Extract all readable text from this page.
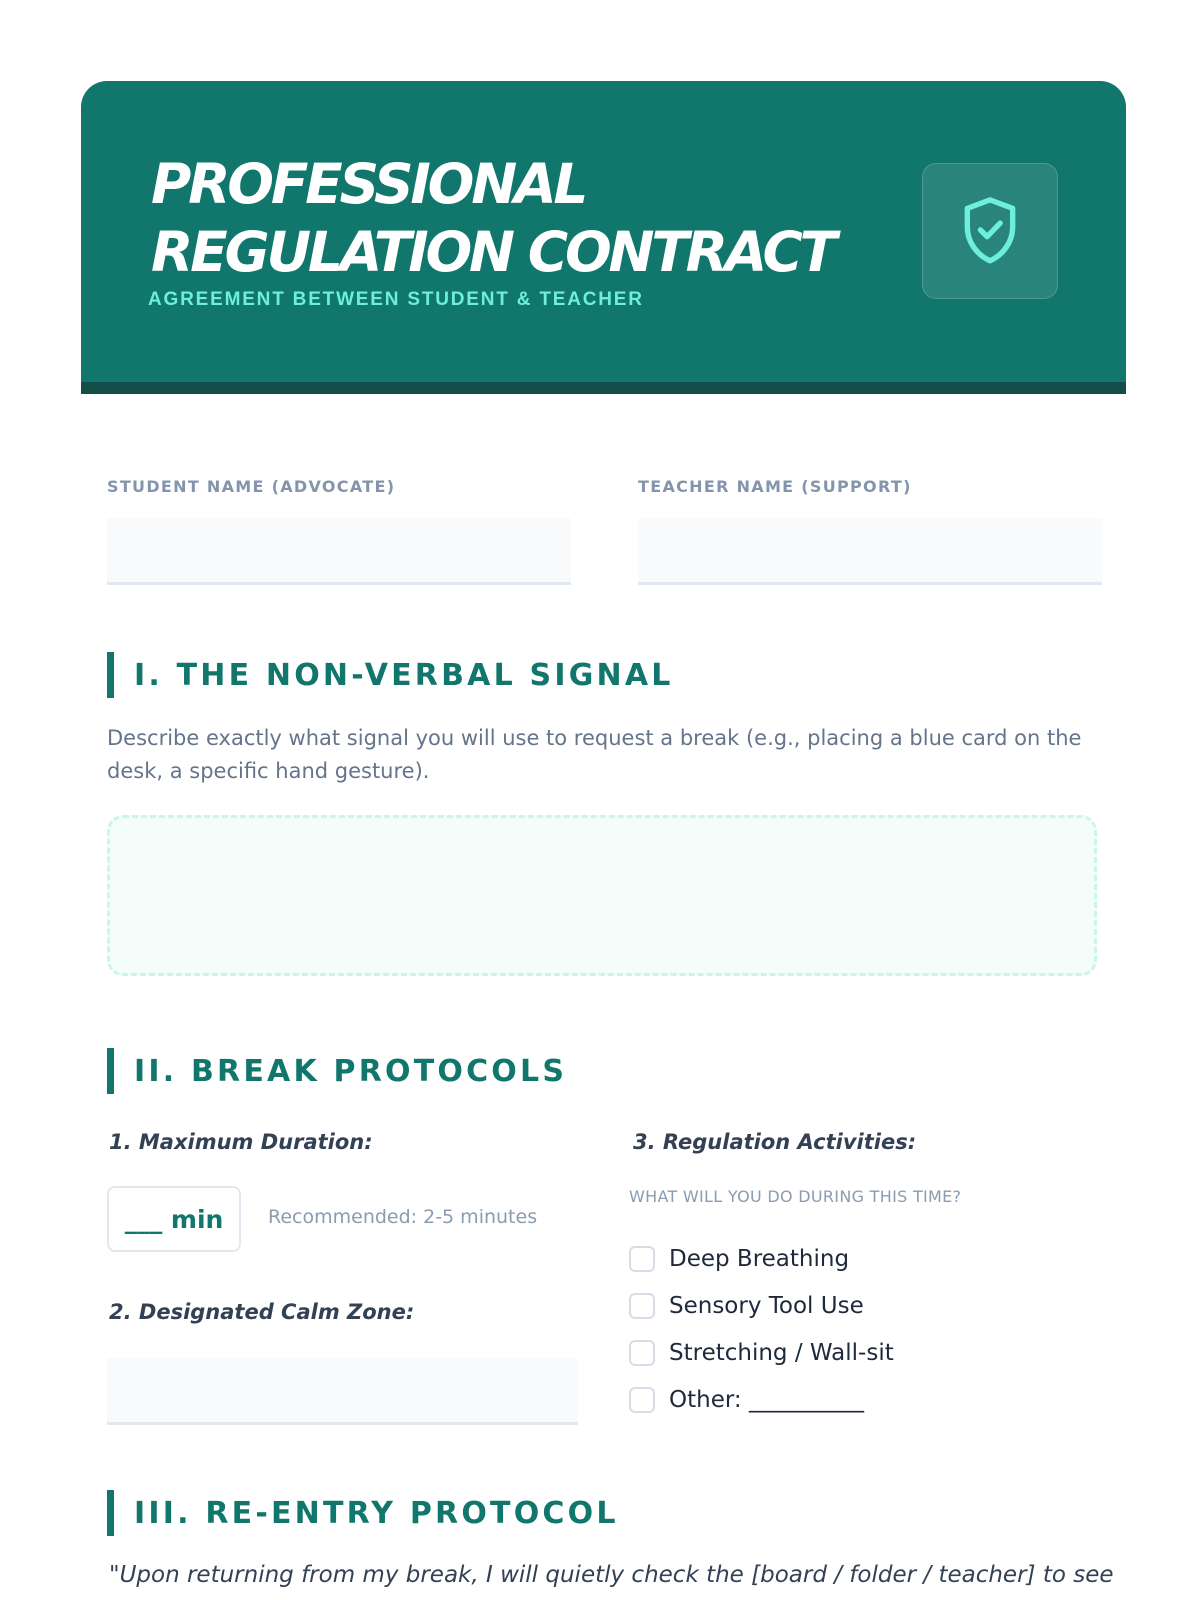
PROFESSIONAL
REGULATION CONTRACT
AGREEMENT BETWEEN STUDENT & TEACHER
STUDENT NAME (ADVOCATE)	TEACHER NAME (SUPPORT)
I. THE NON-VERBAL SIGNAL

Describe exactly what signal you will use to request a break (e.g., placing a blue card on the desk, a specific hand gesture).

II. BREAK PROTOCOLS
1. Maximum Duration:
___ min	Recommended: 2-5 minutes
2. Designated Calm Zone:
3. Regulation Activities:
WHAT WILL YOU DO DURING THIS TIME?
Deep Breathing
Sensory Tool Use
Stretching / Wall-sit
Other: __________
III. RE-ENTRY PROTOCOL

"Upon returning from my break, I will quietly check the [board / folder / teacher] to see
